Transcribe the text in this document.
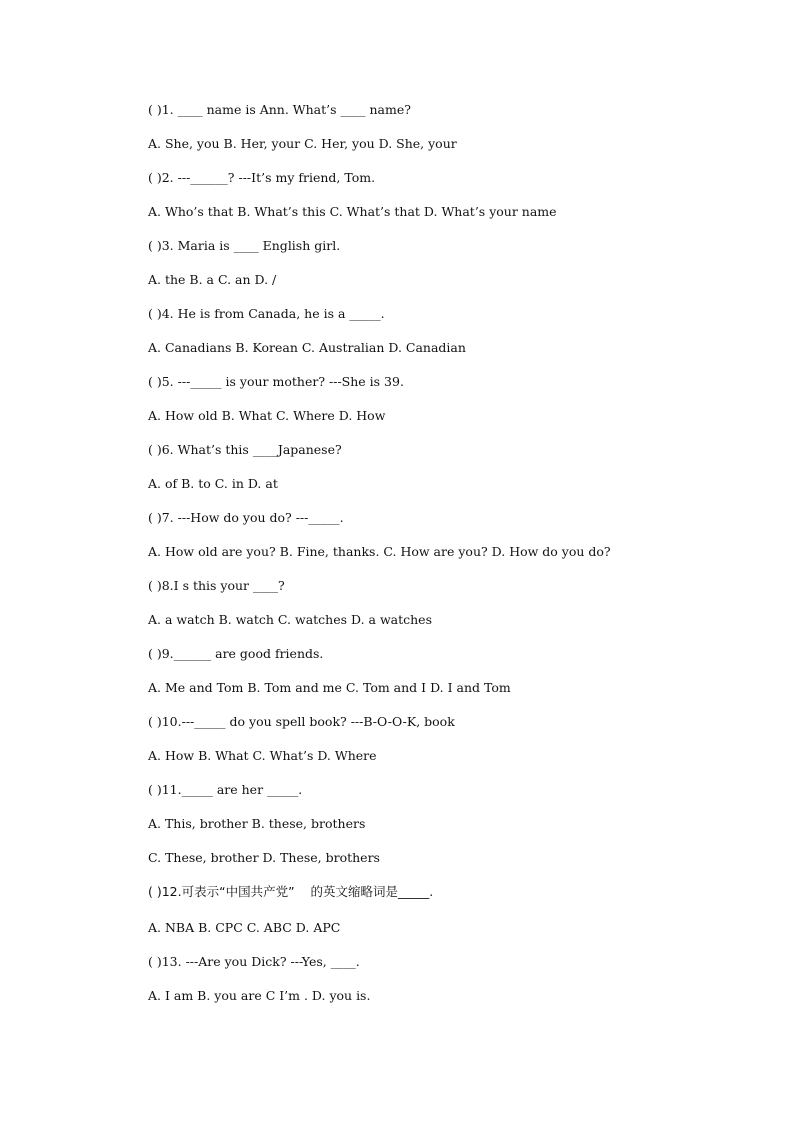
( )1. ____ name is Ann. What’s ____ name?
A. She, you B. Her, your C. Her, you D. She, your
( )2. ---______? ---It’s my friend, Tom.
A. Who’s that B. What’s this C. What’s that D. What’s your name
( )3. Maria is ____ English girl.
A. the B. a C. an D. /
( )4. He is from Canada, he is a _____.
A. Canadians B. Korean C. Australian D. Canadian
( )5. ---_____ is your mother? ---She is 39.
A. How old B. What C. Where D. How
( )6. What’s this ____Japanese?
A. of B. to C. in D. at
( )7. ---How do you do? ---_____.
A. How old are you? B. Fine, thanks. C. How are you? D. How do you do?
( )8.I s this your ____?
A. a watch B. watch C. watches D. a watches
( )9.______ are good friends.
A. Me and Tom B. Tom and me C. Tom and I D. I and Tom
( )10.---_____ do you spell book? ---B-O-O-K, book
A. How B. What C. What’s D. Where
( )11._____ are her _____.
A. This, brother B. these, brothers
C. These, brother D. These, brothers
( )12.可表示“中国共产党”    的英文缩略词是_____.
A. NBA B. CPC C. ABC D. APC
( )13. ---Are you Dick? ---Yes, ____.
A. I am B. you are C I’m . D. you is.
